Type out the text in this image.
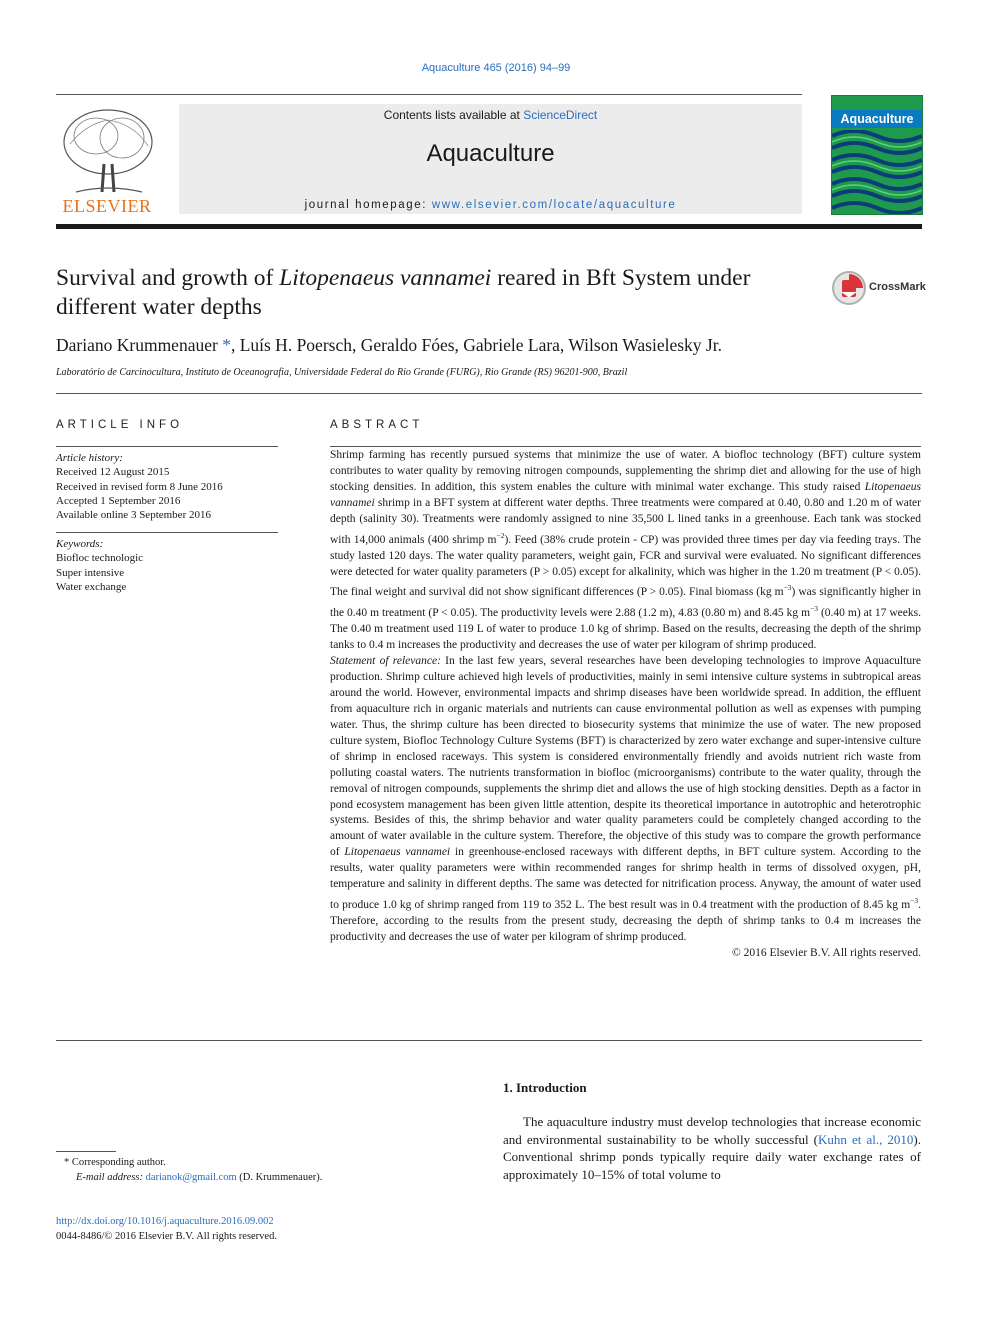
Aquaculture 465 (2016) 94–99
ELSEVIER
Contents lists available at ScienceDirect
Aquaculture
journal homepage: www.elsevier.com/locate/aquaculture
Aquaculture
Survival and growth of Litopenaeus vannamei reared in Bft System under different water depths
CrossMark
Dariano Krummenauer *, Luís H. Poersch, Geraldo Fóes, Gabriele Lara, Wilson Wasielesky Jr.
Laboratório de Carcinocultura, Instituto de Oceanografia, Universidade Federal do Rio Grande (FURG), Rio Grande (RS) 96201-900, Brazil
ARTICLE INFO
Article history:
Received 12 August 2015
Received in revised form 8 June 2016
Accepted 1 September 2016
Available online 3 September 2016
Keywords:
Biofloc technologic
Super intensive
Water exchange
ABSTRACT

Shrimp farming has recently pursued systems that minimize the use of water. A biofloc technology (BFT) culture system contributes to water quality by removing nitrogen compounds, supplementing the shrimp diet and allowing for the use of high stocking densities. In addition, this system enables the culture with minimal water exchange. This study raised Litopenaeus vannamei shrimp in a BFT system at different water depths. Three treatments were compared at 0.40, 0.80 and 1.20 m of water depth (salinity 30). Treatments were randomly assigned to nine 35,500 L lined tanks in a greenhouse. Each tank was stocked with 14,000 animals (400 shrimp $m^{-2}$). Feed (38% crude protein - CP) was provided three times per day via feeding trays. The study lasted 120 days. The water quality parameters, weight gain, FCR and survival were evaluated. No significant differences were detected for water quality parameters (P > 0.05) except for alkalinity, which was higher in the 1.20 m treatment (P < 0.05). The final weight and survival did not show significant differences (P > 0.05). Final biomass (kg $m^{-3}$) was significantly higher in the 0.40 m treatment (P < 0.05). The productivity levels were 2.88 (1.2 m), 4.83 (0.80 m) and 8.45 kg $m^{-3}$ (0.40 m) at 17 weeks. The 0.40 m treatment used 119 L of water to produce 1.0 kg of shrimp. Based on the results, decreasing the depth of the shrimp tanks to 0.4 m increases the productivity and decreases the use of water per kilogram of shrimp produced.

Statement of relevance: In the last few years, several researches have been developing technologies to improve Aquaculture production. Shrimp culture achieved high levels of productivities, mainly in semi intensive culture systems in subtropical areas around the world. However, environmental impacts and shrimp diseases have been worldwide spread. In addition, the effluent from aquaculture rich in organic materials and nutrients can cause environmental pollution as well as expenses with pumping water. Thus, the shrimp culture has been directed to biosecurity systems that minimize the use of water. The new proposed culture system, Biofloc Technology Culture Systems (BFT) is characterized by zero water exchange and super-intensive culture of shrimp in enclosed raceways. This system is considered environmentally friendly and avoids nutrient rich waste from polluting coastal waters. The nutrients transformation in biofloc (microorganisms) contribute to the water quality, through the removal of nitrogen compounds, supplements the shrimp diet and allows the use of high stocking densities. Depth as a factor in pond ecosystem management has been given little attention, despite its theoretical importance in autotrophic and heterotrophic systems. Besides of this, the shrimp behavior and water quality parameters could be completely changed according to the amount of water available in the culture system. Therefore, the objective of this study was to compare the growth performance of Litopenaeus vannamei in greenhouse-enclosed raceways with different depths, in BFT culture system. According to the results, water quality parameters were within recommended ranges for shrimp health in terms of dissolved oxygen, pH, temperature and salinity in different depths. The same was detected for nitrification process. Anyway, the amount of water used to produce 1.0 kg of shrimp ranged from 119 to 352 L. The best result was in 0.4 treatment with the production of 8.45 kg $m^{-3}$. Therefore, according to the results from the present study, decreasing the depth of shrimp tanks to 0.4 m increases the productivity and decreases the use of water per kilogram of shrimp produced.

© 2016 Elsevier B.V. All rights reserved.

1. Introduction
The aquaculture industry must develop technologies that increase economic and environmental sustainability to be wholly successful (Kuhn et al., 2010). Conventional shrimp ponds typically require daily water exchange rates of approximately 10–15% of total volume to
* Corresponding author.
E-mail address: darianok@gmail.com (D. Krummenauer).
http://dx.doi.org/10.1016/j.aquaculture.2016.09.002
0044-8486/© 2016 Elsevier B.V. All rights reserved.
